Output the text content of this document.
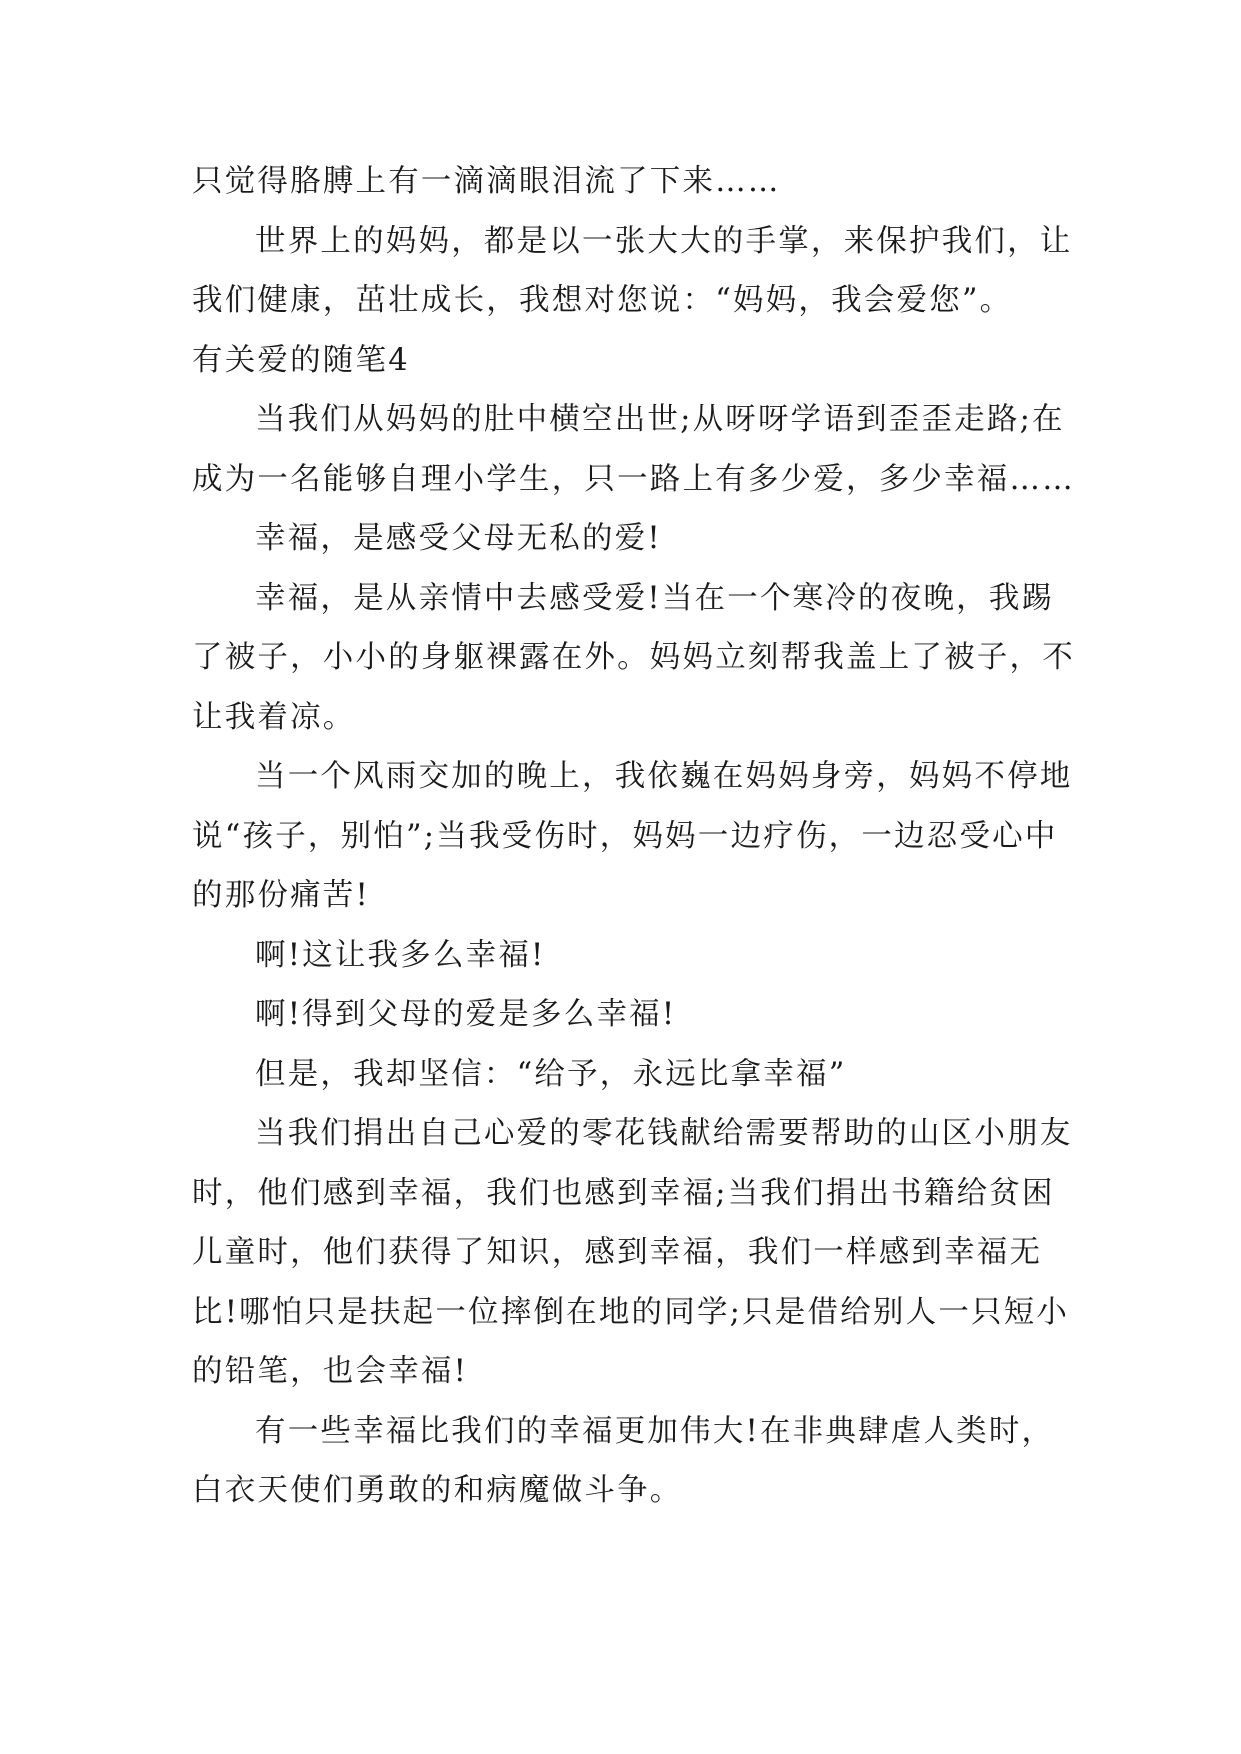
只觉得胳膊上有一滴滴眼泪流了下来……

世界上的妈妈，都是以一张大大的手掌，来保护我们，让我们健康，茁壮成长，我想对您说：“妈妈，我会爱您”。

有关爱的随笔4

当我们从妈妈的肚中横空出世;从呀呀学语到歪歪走路;在成为一名能够自理小学生，只一路上有多少爱，多少幸福……

幸福，是感受父母无私的爱!

幸福，是从亲情中去感受爱!当在一个寒冷的夜晚，我踢了被子，小小的身躯裸露在外。妈妈立刻帮我盖上了被子，不让我着凉。

当一个风雨交加的晚上，我依巍在妈妈身旁，妈妈不停地说“孩子，别怕”;当我受伤时，妈妈一边疗伤，一边忍受心中的那份痛苦!

啊!这让我多么幸福!

啊!得到父母的爱是多么幸福!

但是，我却坚信：“给予，永远比拿幸福”

当我们捐出自己心爱的零花钱献给需要帮助的山区小朋友时，他们感到幸福，我们也感到幸福;当我们捐出书籍给贫困儿童时，他们获得了知识，感到幸福，我们一样感到幸福无比!哪怕只是扶起一位摔倒在地的同学;只是借给别人一只短小的铅笔，也会幸福!

有一些幸福比我们的幸福更加伟大!在非典肆虐人类时，白衣天使们勇敢的和病魔做斗争。
